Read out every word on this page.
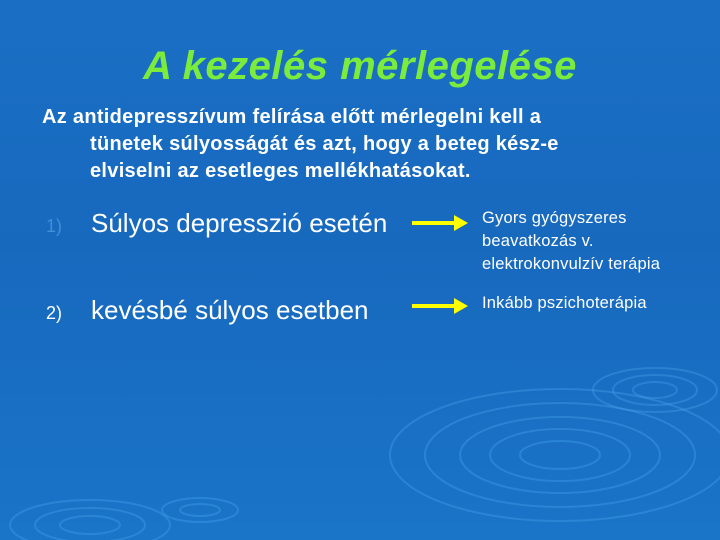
A kezelés mérlegelése
Az antidepresszívum felírása előtt mérlegelni kell a
tünetek súlyosságát és azt, hogy a beteg kész-e
elviselni az esetleges mellékhatásokat.
1) Súlyos depresszió esetén	Gyors gyógyszeres
beavatkozás v.
elektrokonvulzív terápia
2) kevésbé súlyos esetben	Inkább pszichoterápia
